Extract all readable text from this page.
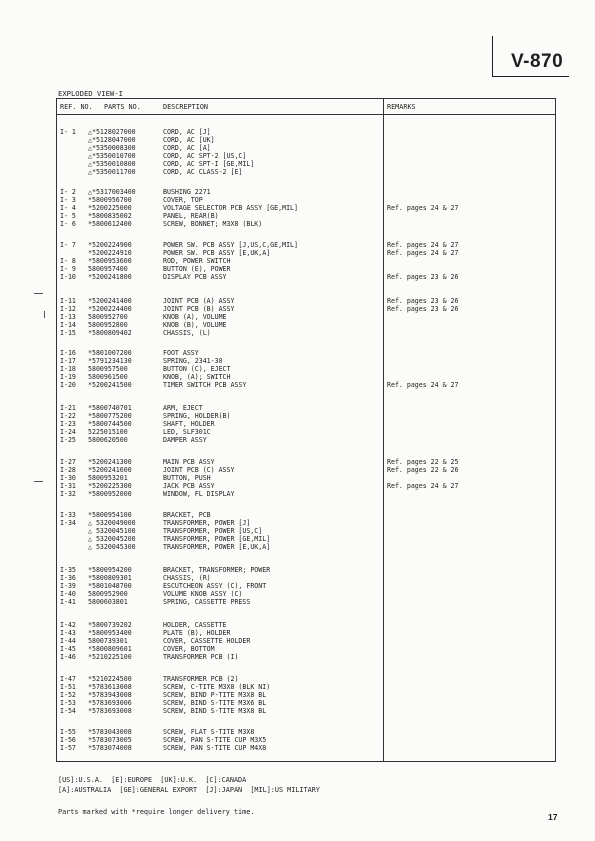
V-870
EXPLODED VIEW-I
REF. NO. PARTS NO.	DESCREPTION	REMARKS
I- 1 △*5128027000	CORD, AC [J]
△*5128047000	CORD, AC [UK]
△*5350008300	CORD, AC [A]
△*5350010700	CORD, AC SPT-2 [US,C]
△*5350010800	CORD, AC SPT-I [GE,MIL]
△*5350011700	CORD, AC CLASS-2 [E]
I- 2 △*5317003400	BUSHING 2271
I- 3 *5800956700	COVER, TOP
I- 4 *5200225000	VOLTAGE SELECTOR PCB ASSY [GE,MIL]	Ref. pages 24 & 27
I- 5 *5800835002	PANEL, REAR(B)
I- 6 *5800612400	SCREW, BONNET; M3X8 (BLK)
I- 7 *5200224900	POWER SW. PCB ASSY [J,US,C,GE,MIL]	Ref. pages 24 & 27
*5200224910	POWER SW. PCB ASSY [E,UK,A]	Ref. pages 24 & 27
I- 8 *5800953600	ROD, POWER SWITCH
I- 9 5800957400	BUTTON (E), POWER
I-10 *5200241800	DISPLAY PCB ASSY	Ref. pages 23 & 26
I-11 *5200241400	JOINT PCB (A) ASSY	Ref. pages 23 & 26
I-12 *5200224400	JOINT PCB (B) ASSY	Ref. pages 23 & 26
I-13 5800952700	KNOB (A), VOLUME
I-14 5800952800	KNOB (B), VOLUME
I-15 *5800809402	CHASSIS, (L)
I-16 *5801007200	FOOT ASSY
I-17 *5791234130	SPRING, 2341-30
I-18 5800957500	BUTTON (C), EJECT
I-19 5800961500	KNOB, (A); SWITCH
I-20 *5200241500	TIMER SWITCH PCB ASSY	Ref. pages 24 & 27
I-21 *5800740701	ARM, EJECT
I-22 *5800775200	SPRING, HOLDER(B)
I-23 *5800744500	SHAFT, HOLDER
I-24 5225015100	LED, SLF301C
I-25 5800620500	DAMPER ASSY
I-27 *5200241300	MAIN PCB ASSY	Ref. pages 22 & 25
I-28 *5200241600	JOINT PCB (C) ASSY	Ref. pages 22 & 26
I-30 5800953201	BUTTON, PUSH
I-31 *5200225300	JACK PCB ASSY	Ref. pages 24 & 27
I-32 *5800952000	WINDOW, FL DISPLAY
I-33 *5800954100	BRACKET, PCB
I-34 △ 5320049000	TRANSFORMER, POWER [J]
△ 5320045100	TRANSFORMER, POWER [US,C]
△ 5320045200	TRANSFORMER, POWER [GE,MIL]
△ 5320045300	TRANSFORMER, POWER [E,UK,A]
I-35 *5800954200	BRACKET, TRANSFORMER; POWER
I-36 *5800809301	CHASSIS, (R)
I-39 *5801048700	ESCUTCHEON ASSY (C), FRONT
I-40 5800952900	VOLUME KNOB ASSY (C)
I-41 5800603801	SPRING, CASSETTE PRESS
I-42 *5800739202	HOLDER, CASSETTE
I-43 *5800953400	PLATE (B), HOLDER
I-44 5800739301	COVER, CASSETTE HOLDER
I-45 *5800809601	COVER, BOTTOM
I-46 *5210225100	TRANSFORMER PCB (I)
I-47 *5210224500	TRANSFORMER PCB (2)
I-51 *5783613008	SCREW, C-TITE M3X8 (BLK NI)
I-52 *5783943008	SCREW, BIND P-TITE M3X8 BL
I-53 *5783693006	SCREW, BIND S-TITE M3X6 BL
I-54 *5783693008	SCREW, BIND S-TITE M3X8 BL
I-55 *5783043008	SCREW, FLAT S-TITE M3X8
I-56 *5783073005	SCREW, PAN S-TITE CUP M3X5
I-57 *5783074008	SCREW, PAN S-TITE CUP M4X8
[US]:U.S.A.  [E]:EUROPE  [UK]:U.K.  [C]:CANADA
[A]:AUSTRALIA  [GE]:GENERAL EXPORT  [J]:JAPAN  [MIL]:US MILITARY
Parts marked with *require longer delivery time.	17
